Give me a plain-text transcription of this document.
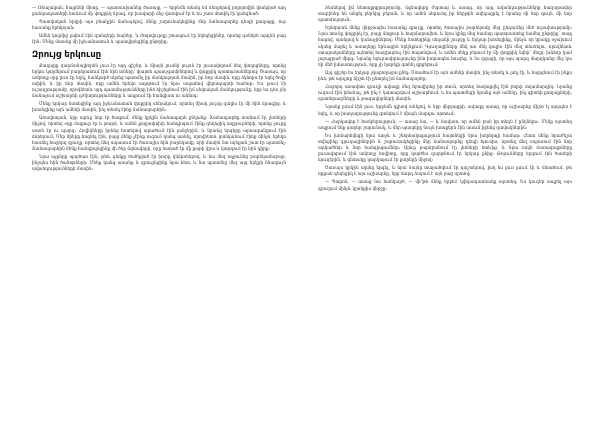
— Ռեալական, հայրենի միտը, — պատասխանեց ծառայը, — երբեմն տեսել եմ ձեռքերով բոլորովին փակված այդ ցանկապատերի ետևում մի փոքրիկ ճրագ, որ խավարի մեջ վառվում էր և ես շատ մոտիկ էի կանգնած։

Պատվական երկրի այս բնակչին ճանաչելով, մենք շարունակեցինք մեր ճանապարհը դեպի քաղաքը, ուր հասանք երեկոյան։

Ամեն կողմից լսվում էին զանգերի ձայներ, և ժողովուրդը շտապում էր եկեղեցիներ, որոնց դռներն արդեն բաց էին։ Մենք մտանք մի իջևանատուն և պատվիրեցինք ընթրիք։

Զրույց երկուսը

Քաղաքը զարմանալիորեն լուռ էր այդ գիշեր, և միայն լուսնի լույսն էր լուսավորում նեղ փողոցները, որոնց երկու կողմերում բարձրանում էին հին տները՝ փայտե պատշգամբներով և փոքրիկ պատուհաններով։ Ծառայս, որ ամբողջ օրը լուռ էր եղել, հանկարծ սկսեց պատմել իր մանկության մասին, իր հոր մասին, որը ձկնորս էր եղել ծովի ափին, և իր մոր մասին, որը ամեն երեկո աղոթում էր նրա ապահով վերադարձի համար։ Ես լսում էի ուշադրությամբ, որովհետև այդ պատմությունները ինձ հիշեցնում էին իմ սեփական մանկությունը, երբ ես դեռ չէի ճանաչում աշխարհի դժվարությունները և ապրում էի հանգիստ ու անհոգ։

Մենք երկար նստեցինք այդ իջևանատան փոքրիկ սենյակում, որտեղ միակ լույսը գալիս էր մի հին ճրագից, և խոսեցինք այն ամենի մասին, ինչ տեսել էինք ճանապարհին։

Առավոտյան, երբ արևը նոր էր ծագում, մենք կրկին ճանապարհ ընկանք։ Ճանապարհը տանում էր լեռների միջով, որտեղ օդը մաքուր էր և թարմ, և ամեն քայլափոխի հանդիպում էինք գեղեցիկ աղբյուրների, որոնց ջուրը սառն էր ու պարզ։ Հովիվները իրենց հոտերով արածում էին լանջերին, և նրանց երգերը արձագանքում էին ձորերում։ Մեր ձիերը հոգնել էին, բայց մենք չէինք ուզում կանգ առնել, որովհետև ցանկանում էինք մինչև երեկո հասնել հաջորդ գյուղը, որտեղ մեզ սպասում էր ծառայիս հին բարեկամը, որի մասին նա այնքան շատ էր պատմել։ Ճանապարհին մենք հանդիպեցինք մի ծեր ճգնավորի, որը նստած էր մի քարի վրա և կարդում էր հին գիրք։

Նրա աչքերը պայծառ էին, թեև դեմքը ծածկված էր խորը կնճիռներով, և նա մեզ ողջունեց բարեկամաբար, ինչպես հին ծանոթների։ Մենք կանգ առանք և զրուցեցինք նրա հետ, և նա պատմեց մեզ այդ երկրի հնագույն ավանդությունների մասին։

Տեսնելով իմ հետաքրքրությունը, ճգնավորը ժպտաց և ասաց, որ այդ ավանդությունները հազարավոր տարիներ են անցել բերնից բերան, և որ ամեն սերունդ իր հերթին ավելացրել է նրանց մի նոր գույն, մի նոր պատմություն։

Երեկոյան մենք վերջապես հասանք գյուղը, որտեղ ծառայիս բարեկամը մեզ ընդունեց մեծ ուրախությամբ։ Նրա տունը փոքրիկ էր, բայց մաքուր և հարմարավետ, և նրա կինը մեզ համար պատրաստեց համեղ ընթրիք՝ տաք հացով, պանրով և կանաչիներով։ Մենք նստեցինք սեղանի շուրջը և երկար խոսեցինք, մինչև որ կրակը օջախում սկսեց մարել և աստղերը երևացին երկնքում։ Գյուղացիները մեկ առ մեկ գալիս էին մեզ տեսնելու, որովհետև օտարականները այնտեղ հազվադեպ էին հայտնվում, և ամեն մեկը բերում էր մի փոքրիկ նվեր՝ մեղր, խնձոր կամ չորացրած միրգ։ Նրանց հյուրասիրությունը ինձ խորապես հուզեց, և ես զգացի, որ այս պարզ մարդկանց մեջ կա մի մեծ իմաստություն, որը չի կարելի գտնել գրքերում։

Այդ գիշեր ես երկար չկարողացա քնել։ Մտածում էի այն ամենի մասին, ինչ տեսել և լսել էի, և հարցնում էի ինքս ինձ, թե արդյոք ճիշտ էի ընտրել իմ ճանապարհը։

Հաջորդ առավոտ գյուղի ավագը մեզ հրավիրեց իր տուն, որտեղ հավաքվել էին բոլոր տղամարդիկ։ Նրանք ուզում էին իմանալ, թե ինչ է կատարվում աշխարհում, և ես պատմեցի նրանց այն ամենը, ինչ գիտեի քաղաքների, պատերազմների և թագավորների մասին։

Նրանք լսում էին լուռ, երբեմն գլխով անելով, և երբ վերջացրի, ավագը ասաց, որ աշխարհը միշտ էլ այդպես է եղել, և որ խաղաղությունը գտնվում է միայն մարդու սրտում։

— Հարկավոր է համբերություն, — ասաց նա, — և հավատ, որ ամեն բան իր տեղն է ընկնելու։ Մենք այստեղ ապրում ենք դարեր շարունակ, և մեր պապերը նույն խոսքերն էին ասում իրենց զավակներին։

Ես խոնարհվեցի նրա առջև և շնորհակալություն հայտնեցի նրա խորհրդի համար։ Հետո մենք հրաժեշտ տվեցինք գյուղացիներին և շարունակեցինք մեր ճանապարհը դեպի հյուսիս, որտեղ մեզ սպասում էին նոր արկածներ և նոր հանդիպումներ։ Արևը բարձրանում էր լեռների ետևից, և նրա ոսկե ճառագայթները լուսավորում էին ամբողջ հովիտը, որը կարծես զարթնում էր երկար քնից։ Թռչունները երգում էին ծառերի ճյուղերին, և գետակը կարկաչում էր քարերի միջով։

Ծառայս կրկին սկսեց երգել, և նրա ձայնը տարածվում էր դաշտերով, իսկ ես լուռ լսում էի և մտածում, թե որքան գեղեցիկ է այս աշխարհը, երբ մարդ նայում է այն բաց սրտով։

— Պարոն, — ասաց նա հանկարծ, — մի՞թե մենք երբևէ կվերադառնանք այստեղ։ Ես կուզեի ապրել այս գյուղում մինչև կյանքիս վերջը։
